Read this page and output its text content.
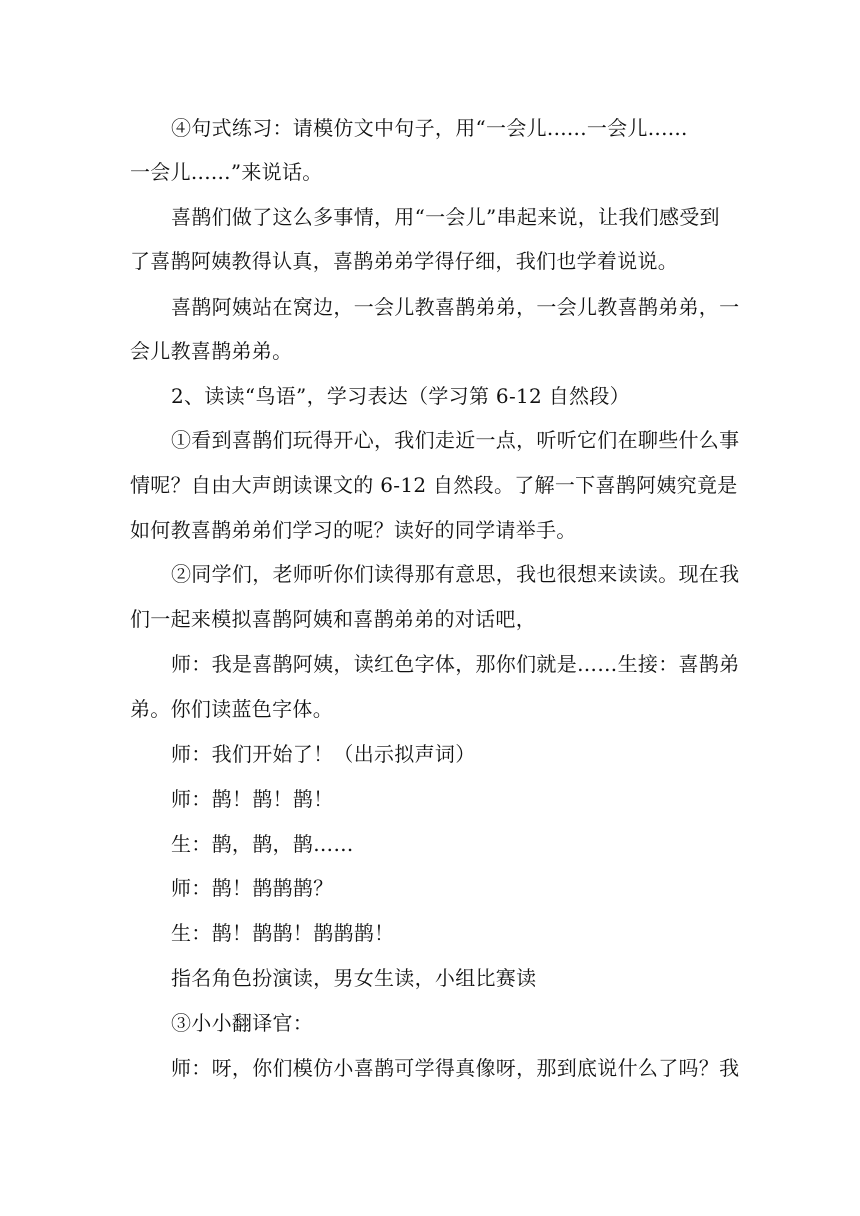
④句式练习：请模仿文中句子，用“一会儿......一会儿......
一会儿......”来说话。
喜鹊们做了这么多事情，用“一会儿”串起来说，让我们感受到
了喜鹊阿姨教得认真，喜鹊弟弟学得仔细，我们也学着说说。
喜鹊阿姨站在窝边，一会儿教喜鹊弟弟，一会儿教喜鹊弟弟，一
会儿教喜鹊弟弟。
2、读读“鸟语”，学习表达（学习第 6-12 自然段）
①看到喜鹊们玩得开心，我们走近一点，听听它们在聊些什么事
情呢？自由大声朗读课文的 6-12 自然段。了解一下喜鹊阿姨究竟是
如何教喜鹊弟弟们学习的呢？读好的同学请举手。
②同学们，老师听你们读得那有意思，我也很想来读读。现在我
们一起来模拟喜鹊阿姨和喜鹊弟弟的对话吧，
师：我是喜鹊阿姨，读红色字体，那你们就是……生接：喜鹊弟
弟。你们读蓝色字体。
师：我们开始了！（出示拟声词）
师：鹊！鹊！鹊！
生：鹊，鹊，鹊……
师：鹊！鹊鹊鹊？
生：鹊！鹊鹊！鹊鹊鹊！
指名角色扮演读，男女生读，小组比赛读
③小小翻译官：
师：呀，你们模仿小喜鹊可学得真像呀，那到底说什么了吗？我
